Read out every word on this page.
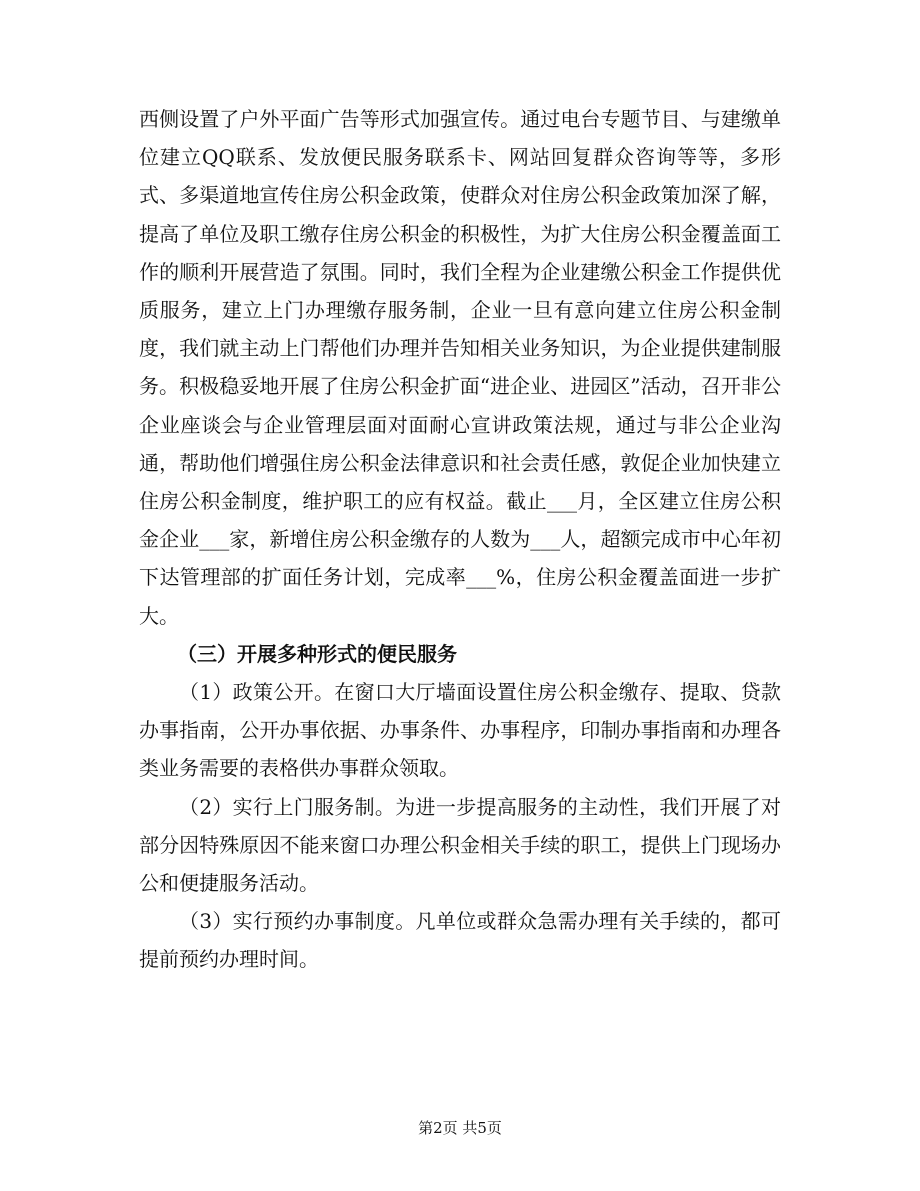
西侧设置了户外平面广告等形式加强宣传。通过电台专题节目、与建缴单位建立QQ联系、发放便民服务联系卡、网站回复群众咨询等等，多形式、多渠道地宣传住房公积金政策，使群众对住房公积金政策加深了解，提高了单位及职工缴存住房公积金的积极性，为扩大住房公积金覆盖面工作的顺利开展营造了氛围。同时，我们全程为企业建缴公积金工作提供优质服务，建立上门办理缴存服务制，企业一旦有意向建立住房公积金制度，我们就主动上门帮他们办理并告知相关业务知识，为企业提供建制服务。积极稳妥地开展了住房公积金扩面“进企业、进园区”活动，召开非公企业座谈会与企业管理层面对面耐心宣讲政策法规，通过与非公企业沟通，帮助他们增强住房公积金法律意识和社会责任感，敦促企业加快建立住房公积金制度，维护职工的应有权益。截止___月，全区建立住房公积金企业___家，新增住房公积金缴存的人数为___人，超额完成市中心年初下达管理部的扩面任务计划，完成率___%，住房公积金覆盖面进一步扩大。

（三）开展多种形式的便民服务

（1）政策公开。在窗口大厅墙面设置住房公积金缴存、提取、贷款办事指南，公开办事依据、办事条件、办事程序，印制办事指南和办理各类业务需要的表格供办事群众领取。

（2）实行上门服务制。为进一步提高服务的主动性，我们开展了对部分因特殊原因不能来窗口办理公积金相关手续的职工，提供上门现场办公和便捷服务活动。

（3）实行预约办事制度。凡单位或群众急需办理有关手续的，都可提前预约办理时间。

第2页 共5页
